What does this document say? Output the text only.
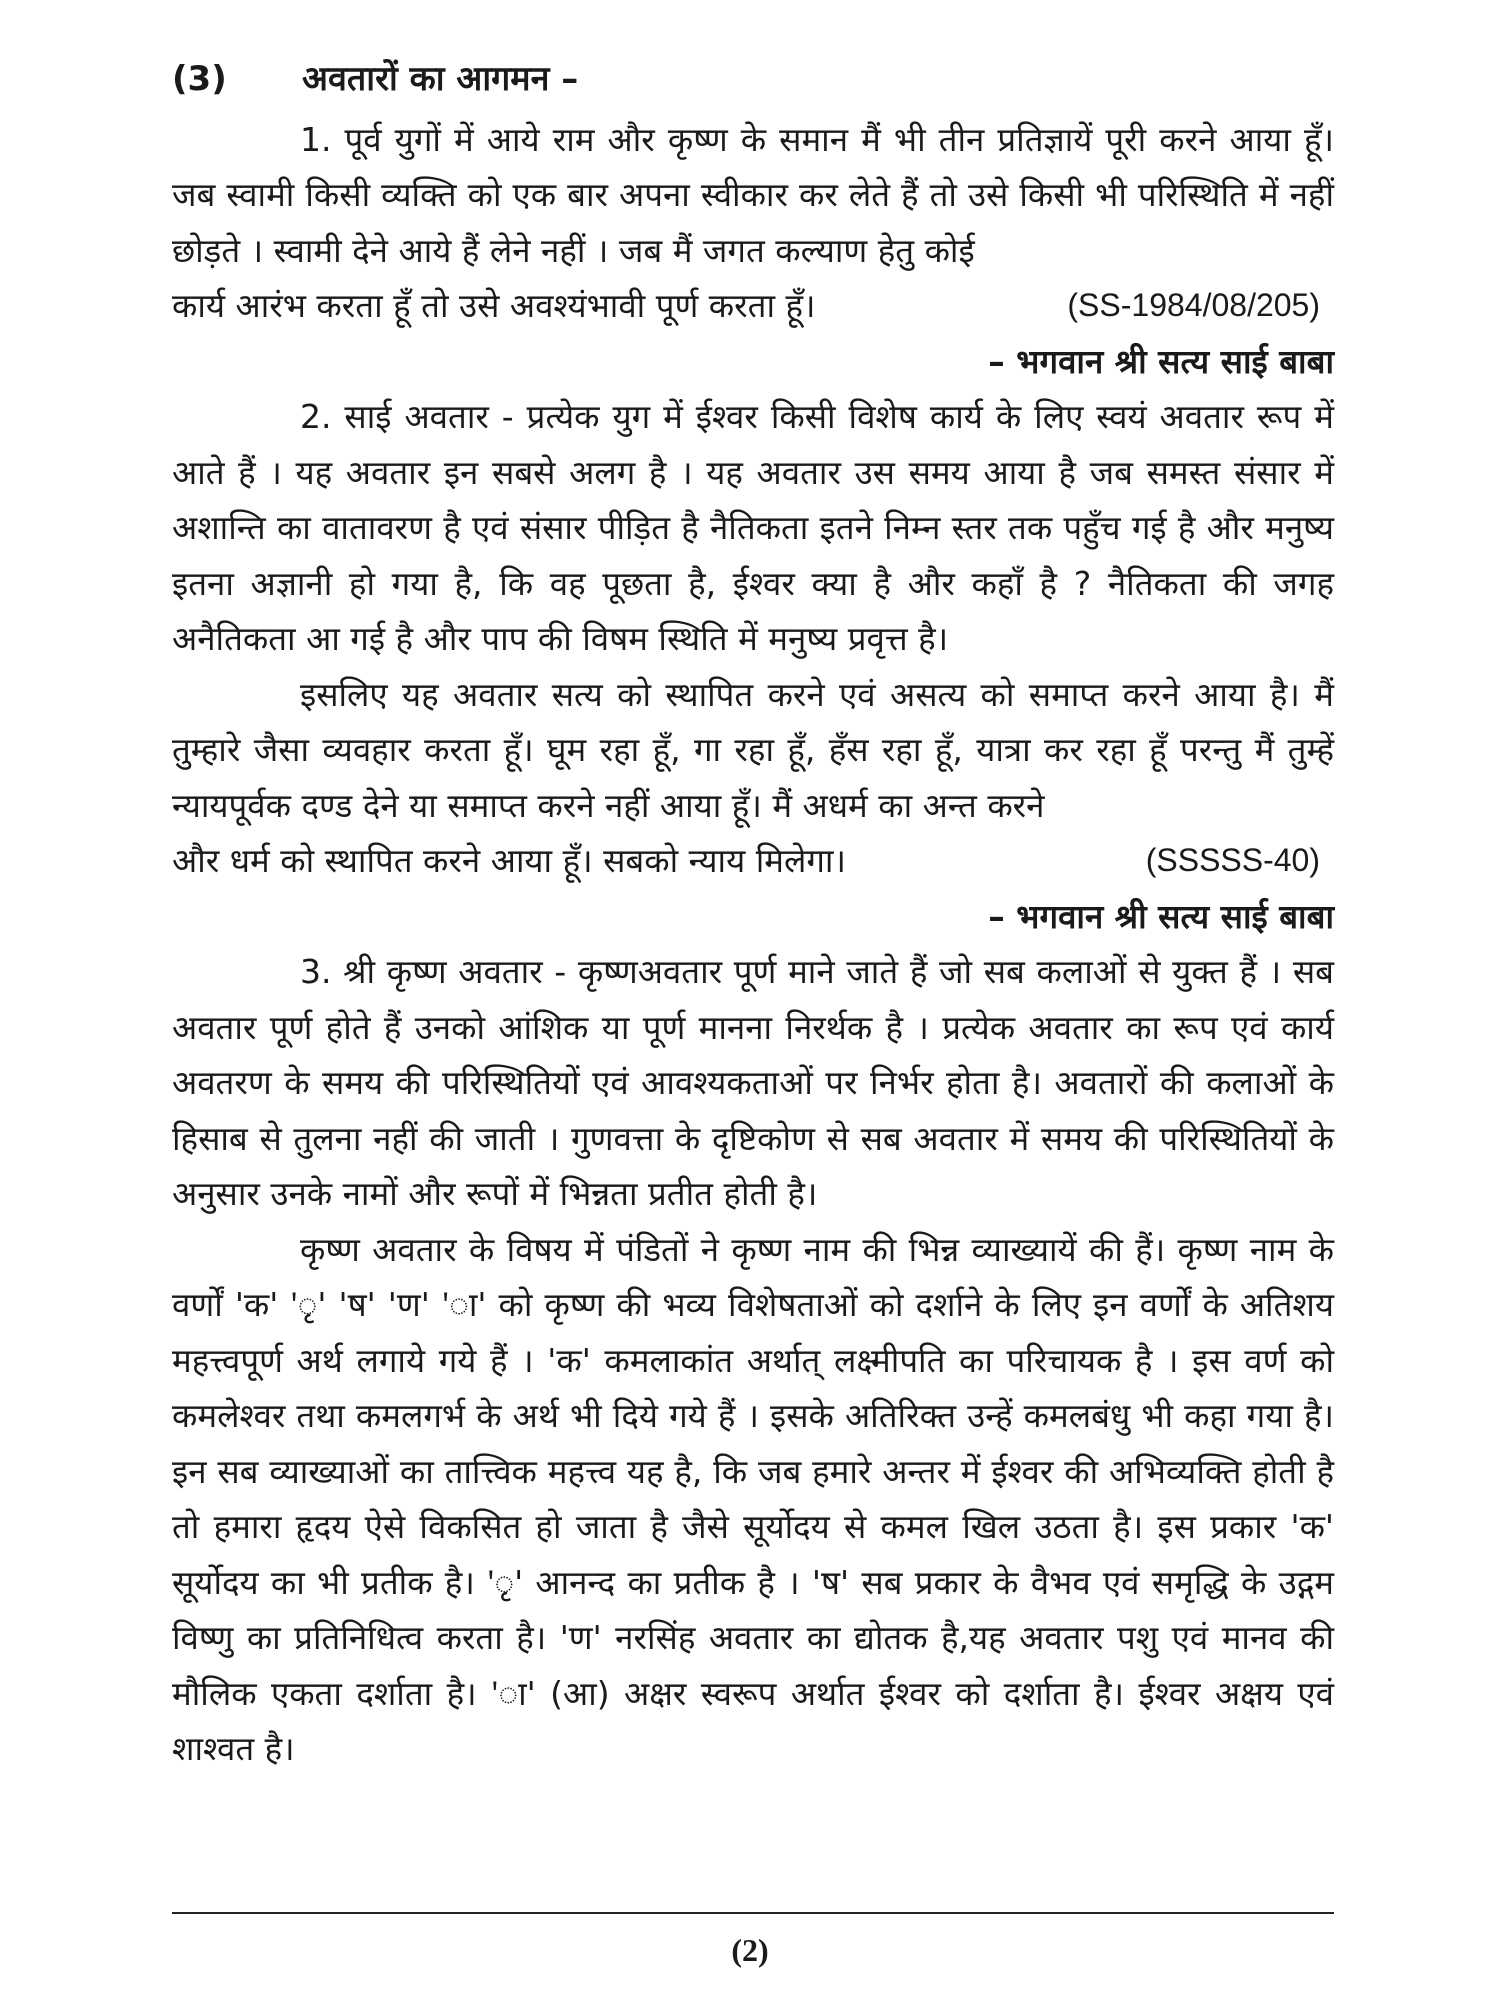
(3)	अवतारों का आगमन –

1. पूर्व युगों में आये राम और कृष्ण के समान मैं भी तीन प्रतिज्ञायें पूरी करने आया हूँ। जब स्वामी किसी व्यक्ति को एक बार अपना स्वीकार कर लेते हैं तो उसे किसी भी परिस्थिति में नहीं छोड़ते । स्वामी देने आये हैं लेने नहीं । जब मैं जगत कल्याण हेतु कोई

कार्य आरंभ करता हूँ तो उसे अवश्यंभावी पूर्ण करता हूँ।	(SS-1984/08/205)
– भगवान श्री सत्य साई बाबा

2. साई अवतार - प्रत्येक युग में ईश्वर किसी विशेष कार्य के लिए स्वयं अवतार रूप में आते हैं । यह अवतार इन सबसे अलग है । यह अवतार उस समय आया है जब समस्त संसार में अशान्ति का वातावरण है एवं संसार पीड़ित है नैतिकता इतने निम्न स्तर तक पहुँच गई है और मनुष्य इतना अज्ञानी हो गया है, कि वह पूछता है, ईश्वर क्या है और कहाँ है ? नैतिकता की जगह अनैतिकता आ गई है और पाप की विषम स्थिति में मनुष्य प्रवृत्त है।

इसलिए यह अवतार सत्य को स्थापित करने एवं असत्य को समाप्त करने आया है। मैं तुम्हारे जैसा व्यवहार करता हूँ। घूम रहा हूँ, गा रहा हूँ, हँस रहा हूँ, यात्रा कर रहा हूँ परन्तु मैं तुम्हें न्यायपूर्वक दण्ड देने या समाप्त करने नहीं आया हूँ। मैं अधर्म का अन्त करने

और धर्म को स्थापित करने आया हूँ। सबको न्याय मिलेगा।	(SSSSS-40)
– भगवान श्री सत्य साई बाबा

3. श्री कृष्ण अवतार - कृष्णअवतार पूर्ण माने जाते हैं जो सब कलाओं से युक्त हैं । सब अवतार पूर्ण होते हैं उनको आंशिक या पूर्ण मानना निरर्थक है । प्रत्येक अवतार का रूप एवं कार्य अवतरण के समय की परिस्थितियों एवं आवश्यकताओं पर निर्भर होता है। अवतारों की कलाओं के हिसाब से तुलना नहीं की जाती । गुणवत्ता के दृष्टिकोण से सब अवतार में समय की परिस्थितियों के अनुसार उनके नामों और रूपों में भिन्नता प्रतीत होती है।

कृष्ण अवतार के विषय में पंडितों ने कृष्ण नाम की भिन्न व्याख्यायें की हैं। कृष्ण नाम के वर्णों 'क' 'ृ' 'ष' 'ण' 'ा' को कृष्ण की भव्य विशेषताओं को दर्शाने के लिए इन वर्णों के अतिशय महत्त्वपूर्ण अर्थ लगाये गये हैं । 'क' कमलाकांत अर्थात् लक्ष्मीपति का परिचायक है । इस वर्ण को कमलेश्वर तथा कमलगर्भ के अर्थ भी दिये गये हैं । इसके अतिरिक्त उन्हें कमलबंधु भी कहा गया है। इन सब व्याख्याओं का तात्त्विक महत्त्व यह है, कि जब हमारे अन्तर में ईश्वर की अभिव्यक्ति होती है तो हमारा हृदय ऐसे विकसित हो जाता है जैसे सूर्योदय से कमल खिल उठता है। इस प्रकार 'क' सूर्योदय का भी प्रतीक है। 'ृ' आनन्द का प्रतीक है । 'ष' सब प्रकार के वैभव एवं समृद्धि के उद्गम विष्णु का प्रतिनिधित्व करता है। 'ण' नरसिंह अवतार का द्योतक है,यह अवतार पशु एवं मानव की मौलिक एकता दर्शाता है। 'ा' (आ) अक्षर स्वरूप अर्थात ईश्वर को दर्शाता है। ईश्वर अक्षय एवं शाश्वत है।

(2)
